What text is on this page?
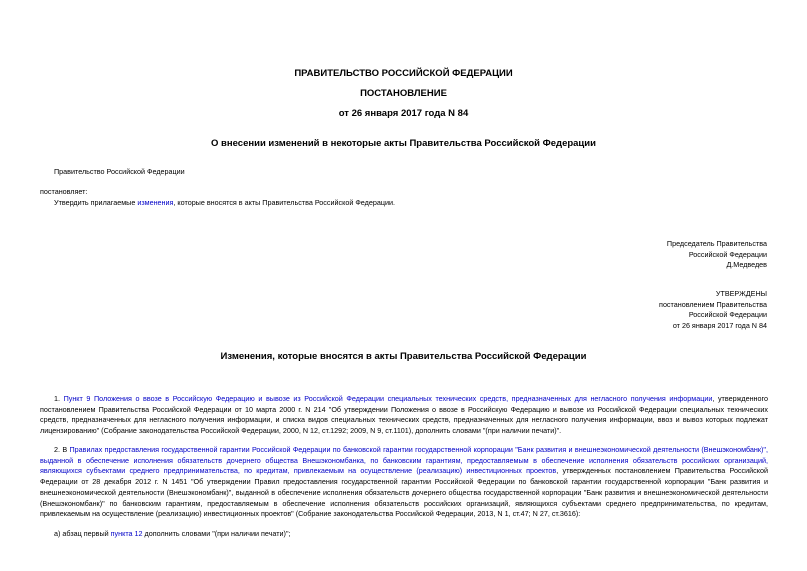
ПРАВИТЕЛЬСТВО РОССИЙСКОЙ ФЕДЕРАЦИИ

ПОСТАНОВЛЕНИЕ

от 26 января 2017 года N 84

О внесении изменений в некоторые акты Правительства Российской Федерации

Правительство Российской Федерации

постановляет:

Утвердить прилагаемые изменения, которые вносятся в акты Правительства Российской Федерации.

Председатель Правительства
Российской Федерации
Д.Медведев
УТВЕРЖДЕНЫ
постановлением Правительства
Российской Федерации
от 26 января 2017 года N 84

Изменения, которые вносятся в акты Правительства Российской Федерации

1. Пункт 9 Положения о ввозе в Российскую Федерацию и вывозе из Российской Федерации специальных технических средств, предназначенных для негласного получения информации, утвержденного постановлением Правительства Российской Федерации от 10 марта 2000 г. N 214 "Об утверждении Положения о ввозе в Российскую Федерацию и вывозе из Российской Федерации специальных технических средств, предназначенных для негласного получения информации, и списка видов специальных технических средств, предназначенных для негласного получения информации, ввоз и вывоз которых подлежат лицензированию" (Собрание законодательства Российской Федерации, 2000, N 12, ст.1292; 2009, N 9, ст.1101), дополнить словами "(при наличии печати)".

2. В Правилах предоставления государственной гарантии Российской Федерации по банковской гарантии государственной корпорации "Банк развития и внешнеэкономической деятельности (Внешэкономбанк)", выданной в обеспечение исполнения обязательств дочернего общества Внешэкономбанка, по банковским гарантиям, предоставляемым в обеспечение исполнения обязательств российских организаций, являющихся субъектами среднего предпринимательства, по кредитам, привлекаемым на осуществление (реализацию) инвестиционных проектов, утвержденных постановлением Правительства Российской Федерации от 28 декабря 2012 г. N 1451 "Об утверждении Правил предоставления государственной гарантии Российской Федерации по банковской гарантии государственной корпорации "Банк развития и внешнеэкономической деятельности (Внешэкономбанк)", выданной в обеспечение исполнения обязательств дочернего общества государственной корпорации "Банк развития и внешнеэкономической деятельности (Внешэкономбанк)" по банковским гарантиям, предоставляемым в обеспечение исполнения обязательств российских организаций, являющихся субъектами среднего предпринимательства, по кредитам, привлекаемым на осуществление (реализацию) инвестиционных проектов" (Собрание законодательства Российской Федерации, 2013, N 1, ст.47; N 27, ст.3616):

а) абзац первый пункта 12 дополнить словами "(при наличии печати)";
